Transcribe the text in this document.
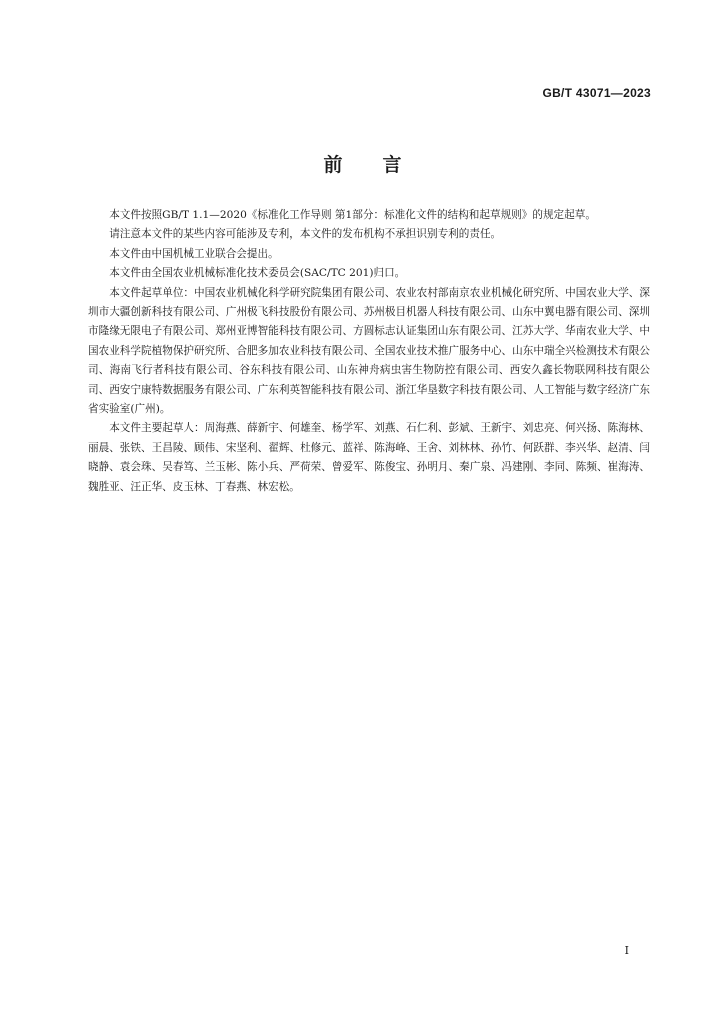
GB/T 43071—2023
前言

本文件按照GB/T 1.1—2020《标准化工作导则 第1部分：标准化文件的结构和起草规则》的规定起草。

请注意本文件的某些内容可能涉及专利，本文件的发布机构不承担识别专利的责任。

本文件由中国机械工业联合会提出。

本文件由全国农业机械标准化技术委员会(SAC/TC 201)归口。

本文件起草单位：中国农业机械化科学研究院集团有限公司、农业农村部南京农业机械化研究所、中国农业大学、深圳市大疆创新科技有限公司、广州极飞科技股份有限公司、苏州极目机器人科技有限公司、山东中翼电器有限公司、深圳市隆缘无限电子有限公司、郑州亚博智能科技有限公司、方圆标志认证集团山东有限公司、江苏大学、华南农业大学、中国农业科学院植物保护研究所、合肥多加农业科技有限公司、全国农业技术推广服务中心、山东中瑞全兴检测技术有限公司、海南飞行者科技有限公司、谷东科技有限公司、山东神舟病虫害生物防控有限公司、西安久鑫长物联网科技有限公司、西安宁康特数据服务有限公司、广东利英智能科技有限公司、浙江华垦数字科技有限公司、人工智能与数字经济广东省实验室(广州)。

本文件主要起草人：周海燕、薛新宇、何雄奎、杨学军、刘燕、石仁利、彭斌、王新宇、刘忠亮、何兴扬、陈海林、丽晨、张铁、王昌陵、顾伟、宋坚利、翟辉、杜修元、蓝祥、陈海峰、王舍、刘林林、孙竹、何跃群、李兴华、赵清、闫晓静、袁会珠、吴春笃、兰玉彬、陈小兵、严荷荣、曾爱军、陈俊宝、孙明月、秦广泉、冯建刚、李同、陈频、崔海涛、魏胜亚、汪正华、皮玉林、丁春燕、林宏松。

I
